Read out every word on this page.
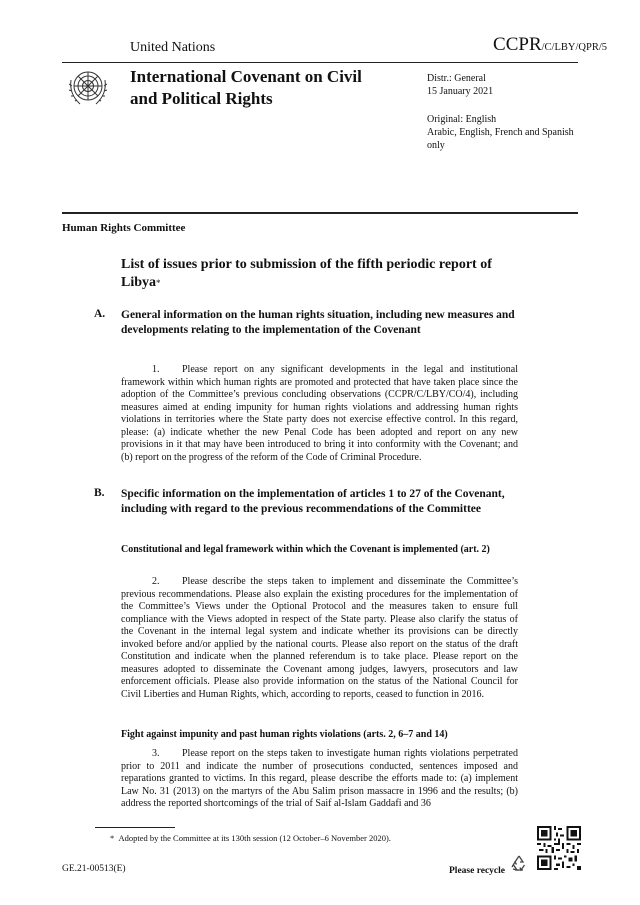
United Nations	CCPR/C/LBY/QPR/5
International Covenant on Civil and Political Rights
Distr.: General
15 January 2021
Original: English
Arabic, English, French and Spanish only
Human Rights Committee
List of issues prior to submission of the fifth periodic report of Libya*
A. General information on the human rights situation, including new measures and developments relating to the implementation of the Covenant
1. Please report on any significant developments in the legal and institutional framework within which human rights are promoted and protected that have taken place since the adoption of the Committee’s previous concluding observations (CCPR/C/LBY/CO/4), including measures aimed at ending impunity for human rights violations and addressing human rights violations in territories where the State party does not exercise effective control. In this regard, please: (a) indicate whether the new Penal Code has been adopted and report on any new provisions in it that may have been introduced to bring it into conformity with the Covenant; and (b) report on the progress of the reform of the Code of Criminal Procedure.
B. Specific information on the implementation of articles 1 to 27 of the Covenant, including with regard to the previous recommendations of the Committee
Constitutional and legal framework within which the Covenant is implemented (art. 2)
2. Please describe the steps taken to implement and disseminate the Committee’s previous recommendations. Please also explain the existing procedures for the implementation of the Committee’s Views under the Optional Protocol and the measures taken to ensure full compliance with the Views adopted in respect of the State party. Please also clarify the status of the Covenant in the internal legal system and indicate whether its provisions can be directly invoked before and/or applied by the national courts. Please also report on the status of the draft Constitution and indicate when the planned referendum is to take place. Please report on the measures adopted to disseminate the Covenant among judges, lawyers, prosecutors and law enforcement officials. Please also provide information on the status of the National Council for Civil Liberties and Human Rights, which, according to reports, ceased to function in 2016.
Fight against impunity and past human rights violations (arts. 2, 6–7 and 14)
3. Please report on the steps taken to investigate human rights violations perpetrated prior to 2011 and indicate the number of prosecutions conducted, sentences imposed and reparations granted to victims. In this regard, please describe the efforts made to: (a) implement Law No. 31 (2013) on the martyrs of the Abu Salim prison massacre in 1996 and the results; (b) address the reported shortcomings of the trial of Saif al-Islam Gaddafi and 36
* Adopted by the Committee at its 130th session (12 October–6 November 2020).
GE.21-00513(E)	Please recycle
